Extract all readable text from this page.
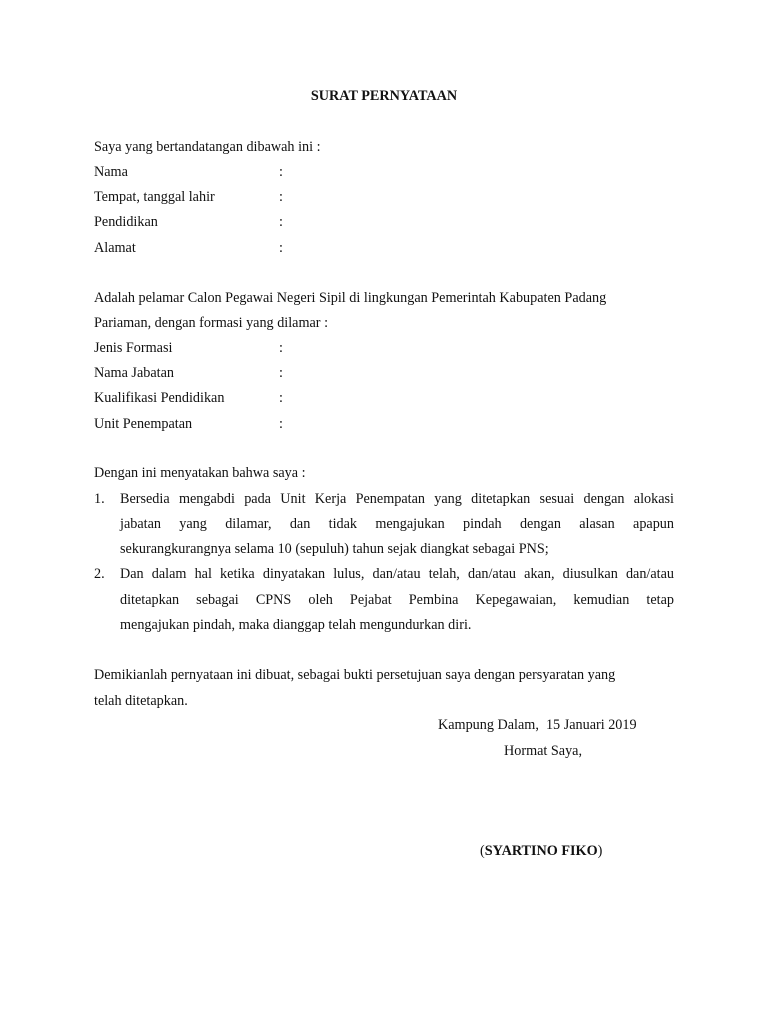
SURAT PERNYATAAN
Saya yang bertandatangan dibawah ini :
Nama	:
Tempat, tanggal lahir	:
Pendidikan	:
Alamat	:
Adalah pelamar Calon Pegawai Negeri Sipil di lingkungan Pemerintah Kabupaten Padang
Pariaman, dengan formasi yang dilamar :
Jenis Formasi	:
Nama Jabatan	:
Kualifikasi Pendidikan	:
Unit Penempatan	:
Dengan ini menyatakan bahwa saya :
1. Bersedia mengabdi pada Unit Kerja Penempatan yang ditetapkan sesuai dengan alokasi
jabatan yang dilamar, dan tidak mengajukan pindah dengan alasan apapun
sekurangkurangnya selama 10 (sepuluh) tahun sejak diangkat sebagai PNS;
2. Dan dalam hal ketika dinyatakan lulus, dan/atau telah, dan/atau akan, diusulkan dan/atau
ditetapkan sebagai CPNS oleh Pejabat Pembina Kepegawaian, kemudian tetap
mengajukan pindah, maka dianggap telah mengundurkan diri.
Demikianlah pernyataan ini dibuat, sebagai bukti persetujuan saya dengan persyaratan yang
telah ditetapkan.
Kampung Dalam,  15 Januari 2019
Hormat Saya,
(SYARTINO FIKO)
